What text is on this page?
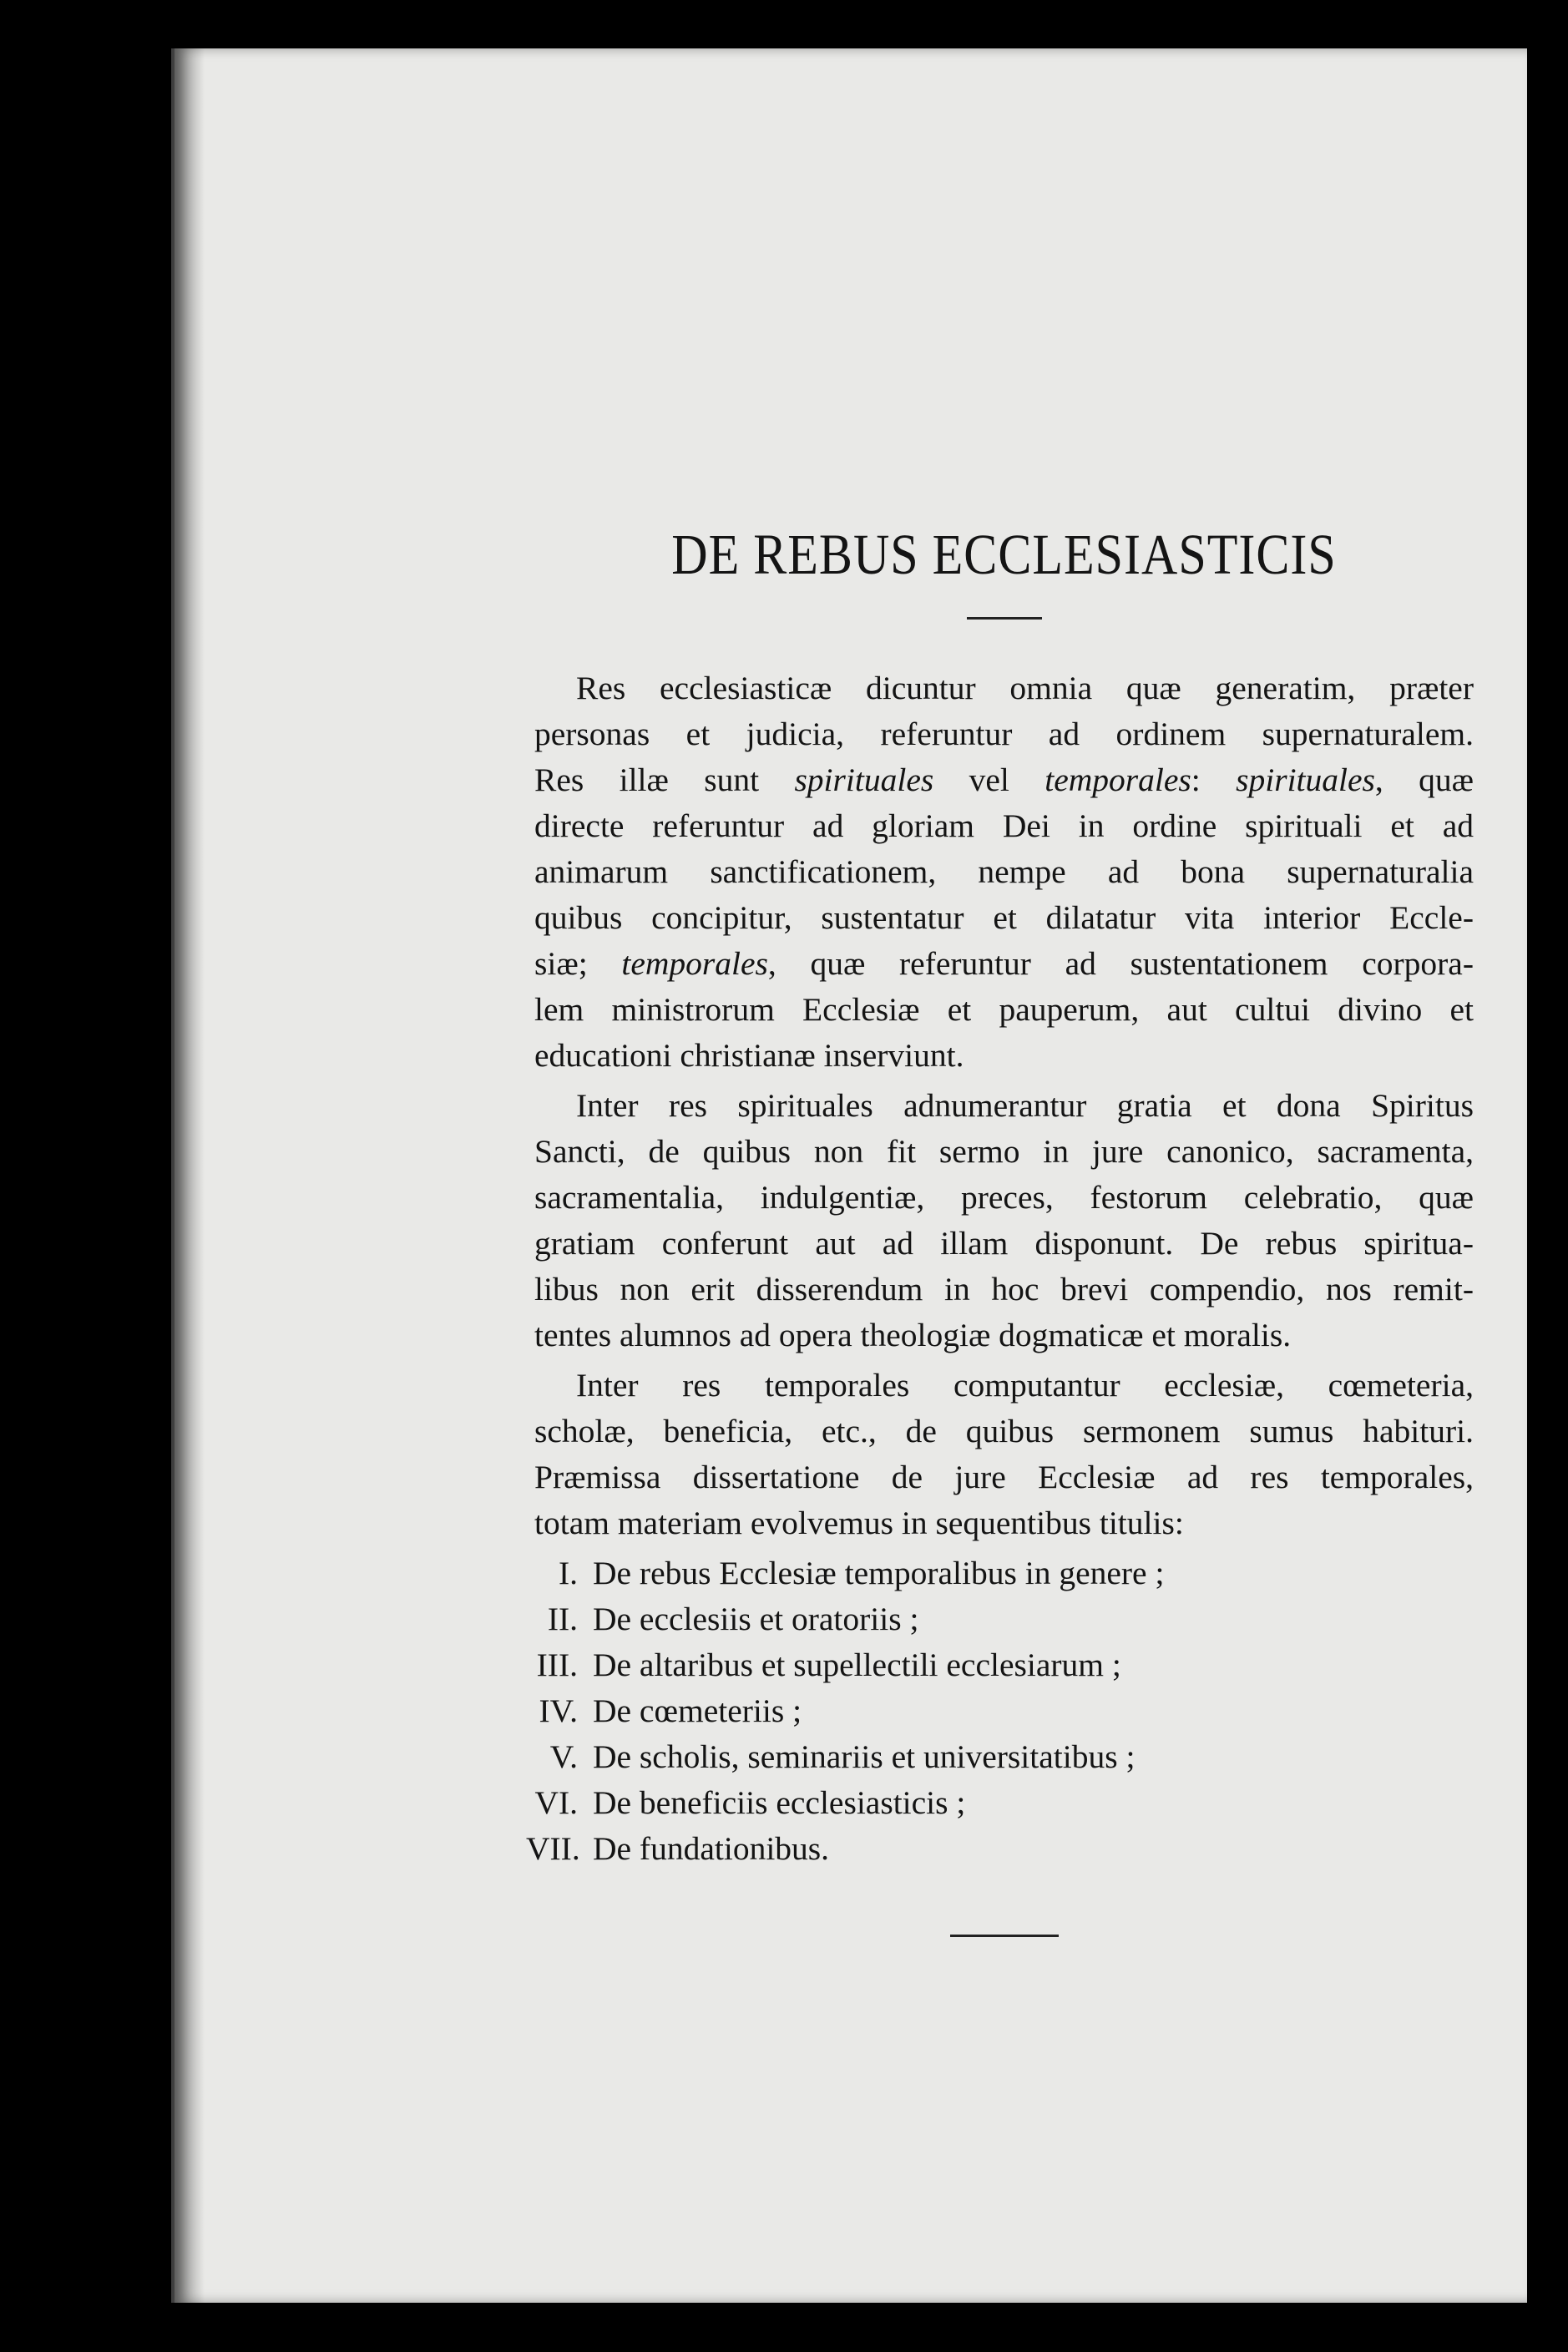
DE REBUS ECCLESIASTICIS
Res ecclesiasticæ dicuntur omnia quæ generatim, præter
personas et judicia, referuntur ad ordinem supernaturalem.
Res illæ sunt spirituales vel temporales: spirituales, quæ
directe referuntur ad gloriam Dei in ordine spirituali et ad
animarum sanctificationem, nempe ad bona supernaturalia
quibus concipitur, sustentatur et dilatatur vita interior Eccle-
siæ; temporales, quæ referuntur ad sustentationem corpora-
lem ministrorum Ecclesiæ et pauperum, aut cultui divino et
educationi christianæ inserviunt.
Inter res spirituales adnumerantur gratia et dona Spiritus
Sancti, de quibus non fit sermo in jure canonico, sacramenta,
sacramentalia, indulgentiæ, preces, festorum celebratio, quæ
gratiam conferunt aut ad illam disponunt. De rebus spiritua-
libus non erit disserendum in hoc brevi compendio, nos remit-
tentes alumnos ad opera theologiæ dogmaticæ et moralis.
Inter res temporales computantur ecclesiæ, cœmeteria,
scholæ, beneficia, etc., de quibus sermonem sumus habituri.
Præmissa dissertatione de jure Ecclesiæ ad res temporales,
totam materiam evolvemus in sequentibus titulis:
I. De rebus Ecclesiæ temporalibus in genere ;
II. De ecclesiis et oratoriis ;
III. De altaribus et supellectili ecclesiarum ;
IV. De cœmeteriis ;
V. De scholis, seminariis et universitatibus ;
VI. De beneficiis ecclesiasticis ;
VII. De fundationibus.
